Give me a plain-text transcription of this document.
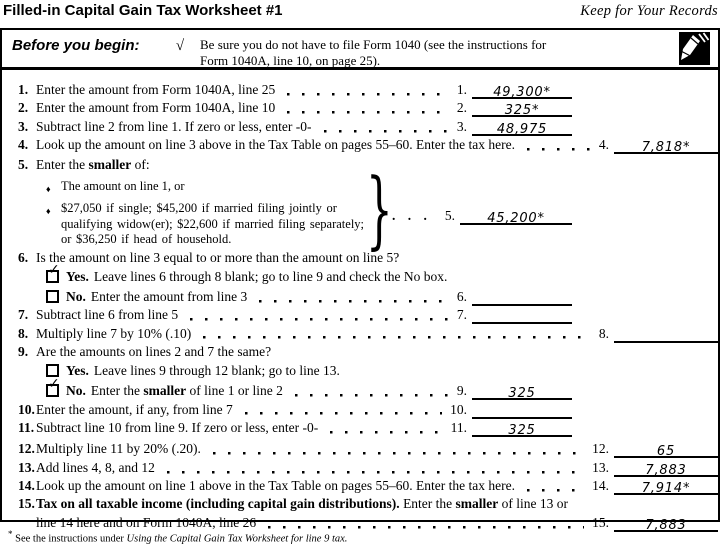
Filled-in Capital Gain Tax Worksheet #1	Keep for Your Records
Before you begin:	√	Be sure you do not have to file Form 1040 (see the instructions for
Form 1040A, line 10, on page 25).
1. Enter the amount from Form 1040A, line 25	1.	49,300*
2. Enter the amount from Form 1040A, line 10	2.	325*
3. Subtract line 2 from line 1. If zero or less, enter -0-	3.	48,975
4. Look up the amount on line 3 above in the Tax Table on pages 55–60. Enter the tax here.	4.	7,818*
5. Enter the smaller of:
♦ The amount on line 1, or
♦ $27,050 if single; $45,200 if married filing jointly or
qualifying widow(er); $22,600 if married filing separately;
or $36,250 if head of household.	} . . . 5.	45,200*
6. Is the amount on line 3 equal to or more than the amount on line 5?
✓ Yes. Leave lines 6 through 8 blank; go to line 9 and check the No box.
No. Enter the amount from line 3	6.
7. Subtract line 6 from line 5	7.
8. Multiply line 7 by 10% (.10)	8.
9. Are the amounts on lines 2 and 7 the same?
Yes. Leave lines 9 through 12 blank; go to line 13.
✓ No. Enter the smaller of line 1 or line 2	9.	325
10. Enter the amount, if any, from line 7	10.
11. Subtract line 10 from line 9. If zero or less, enter -0-	11.	325
12. Multiply line 11 by 20% (.20).	12.	65
13. Add lines 4, 8, and 12	13.	7,883
14. Look up the amount on line 1 above in the Tax Table on pages 55–60. Enter the tax here.	14.	7,914*
15. Tax on all taxable income (including capital gain distributions). Enter the smaller of line 13 or
line 14 here and on Form 1040A, line 26	15.	7,883
* See the instructions under Using the Capital Gain Tax Worksheet for line 9 tax.
